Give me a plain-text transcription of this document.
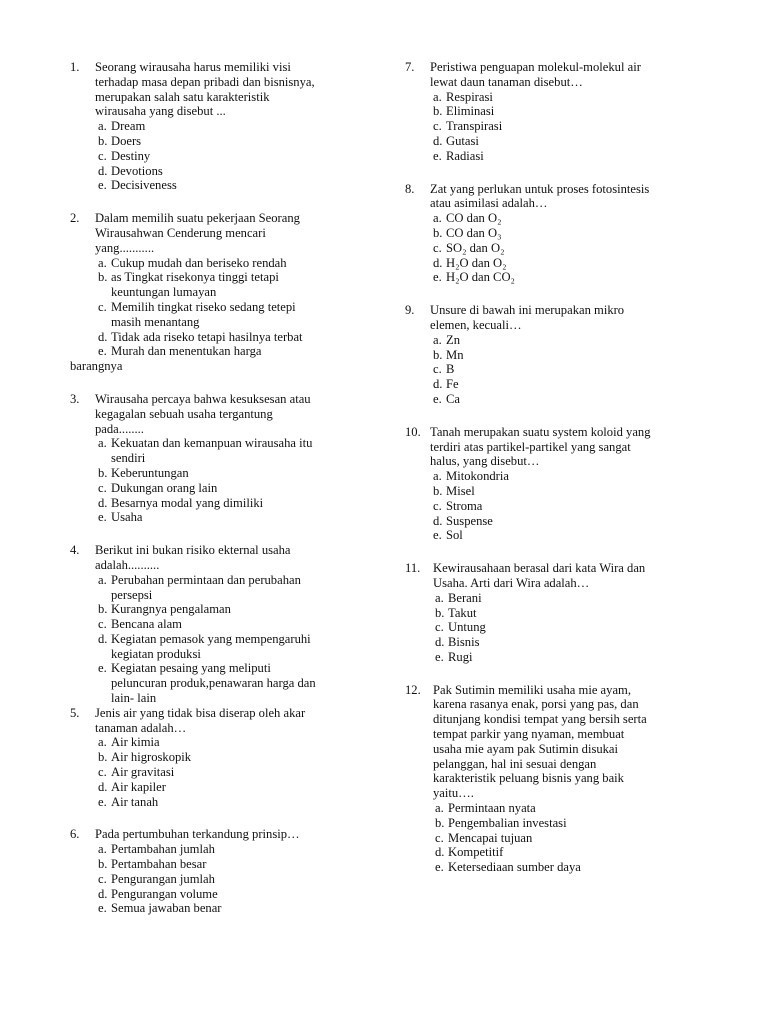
1. Seorang wirausaha harus memiliki visi
terhadap masa depan pribadi dan bisnisnya,
merupakan salah satu karakteristik
wirausaha yang disebut ...
a. Dream
b. Doers
c. Destiny
d. Devotions
e. Decisiveness
2. Dalam memilih suatu pekerjaan Seorang
Wirausahwan Cenderung mencari
yang...........
a. Cukup mudah dan beriseko rendah
b. as Tingkat risekonya tinggi tetapi
keuntungan lumayan
c. Memilih tingkat riseko sedang tetepi
masih menantang
d. Tidak ada riseko tetapi hasilnya terbat
e. Murah dan menentukan harga
barangnya
3. Wirausaha percaya bahwa kesuksesan atau
kegagalan sebuah usaha tergantung
pada........
a. Kekuatan dan kemanpuan wirausaha itu
sendiri
b. Keberuntungan
c. Dukungan orang lain
d. Besarnya modal yang dimiliki
e. Usaha
4. Berikut ini bukan risiko ekternal usaha
adalah..........
a. Perubahan permintaan dan perubahan
persepsi
b. Kurangnya pengalaman
c. Bencana alam
d. Kegiatan pemasok yang mempengaruhi
kegiatan produksi
e. Kegiatan pesaing yang meliputi
peluncuran produk,penawaran harga dan
lain- lain
5. Jenis air yang tidak bisa diserap oleh akar
tanaman adalah…
a. Air kimia
b. Air higroskopik
c. Air gravitasi
d. Air kapiler
e. Air tanah
6. Pada pertumbuhan terkandung prinsip…
a. Pertambahan jumlah
b. Pertambahan besar
c. Pengurangan jumlah
d. Pengurangan volume
e. Semua jawaban benar
7. Peristiwa penguapan molekul-molekul air
lewat daun tanaman disebut…
a. Respirasi
b. Eliminasi
c. Transpirasi
d. Gutasi
e. Radiasi
8. Zat yang perlukan untuk proses fotosintesis
atau asimilasi adalah…
a. CO dan O₂
b. CO dan O₃
c. SO₂ dan O₂
d. H₂O dan O₂
e. H₂O dan CO₂
9. Unsure di bawah ini merupakan mikro
elemen, kecuali…
a. Zn
b. Mn
c. B
d. Fe
e. Ca
10. Tanah merupakan suatu system koloid yang
terdiri atas partikel-partikel yang sangat
halus, yang disebut…
a. Mitokondria
b. Misel
c. Stroma
d. Suspense
e. Sol
11. Kewirausahaan berasal dari kata Wira dan
Usaha. Arti dari Wira adalah…
a. Berani
b. Takut
c. Untung
d. Bisnis
e. Rugi
12. Pak Sutimin memiliki usaha mie ayam,
karena rasanya enak, porsi yang pas, dan
ditunjang kondisi tempat yang bersih serta
tempat parkir yang nyaman, membuat
usaha mie ayam pak Sutimin disukai
pelanggan, hal ini sesuai dengan
karakteristik peluang bisnis yang baik
yaitu….
a. Permintaan nyata
b. Pengembalian investasi
c. Mencapai tujuan
d. Kompetitif
e. Ketersediaan sumber daya
